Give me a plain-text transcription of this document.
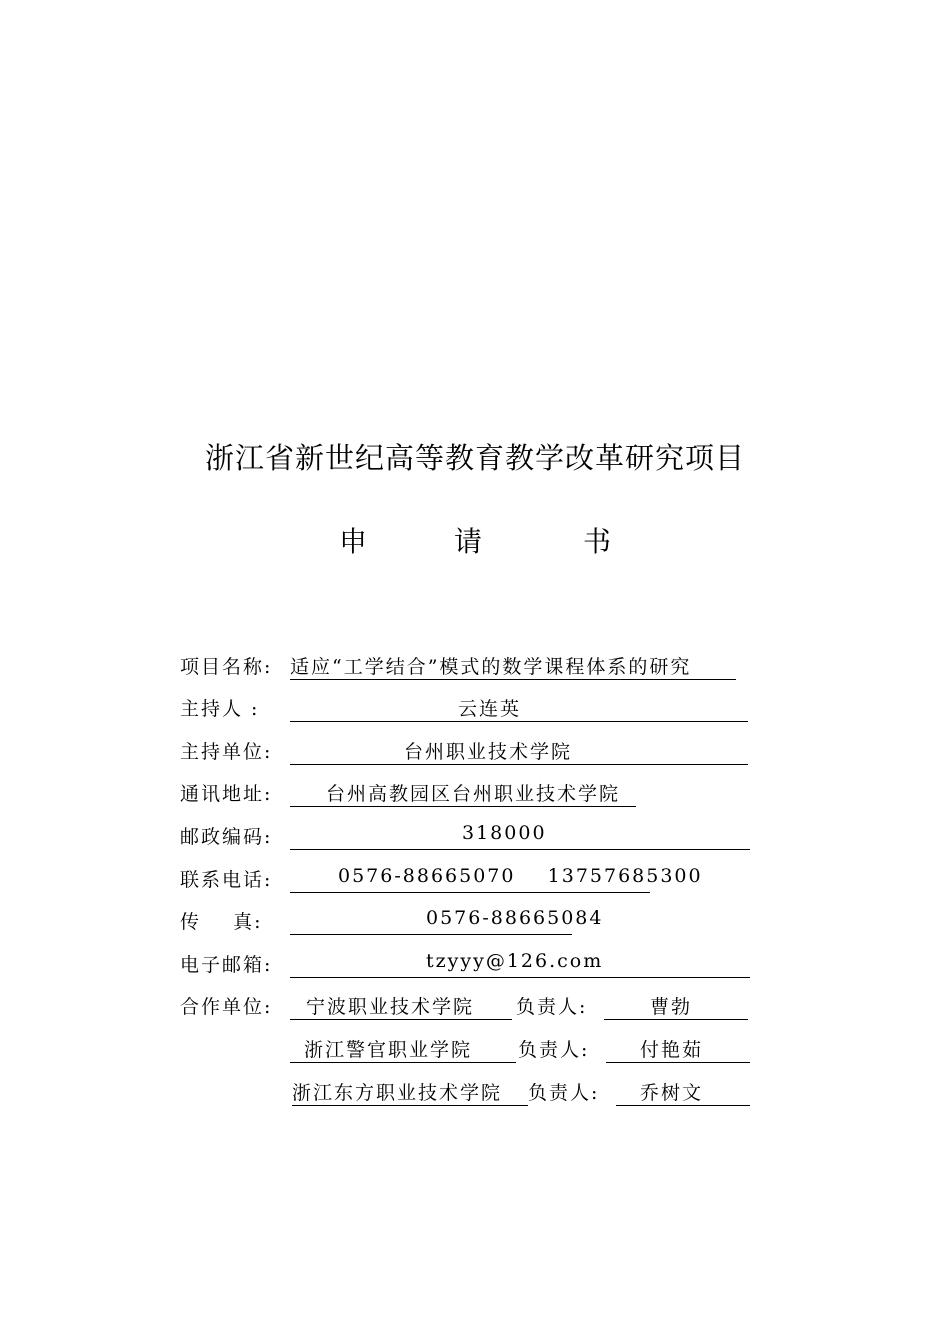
浙江省新世纪高等教育教学改革研究项目
申	请	书
项目名称: 适应“工学结合”模式的数学课程体系的研究
主持人 :	云连英
主持单位:	台州职业技术学院
通讯地址:	台州高教园区台州职业技术学院
邮政编码:	318000
联系电话:	0576-88665070    13757685300
传    真:	0576-88665084
电子邮箱:	tzyyy@126.com
合作单位: 宁波职业技术学院 负责人:	曹勃
浙江警官职业学院 负责人:	付艳茹
浙江东方职业技术学院 负责人: 乔树文
